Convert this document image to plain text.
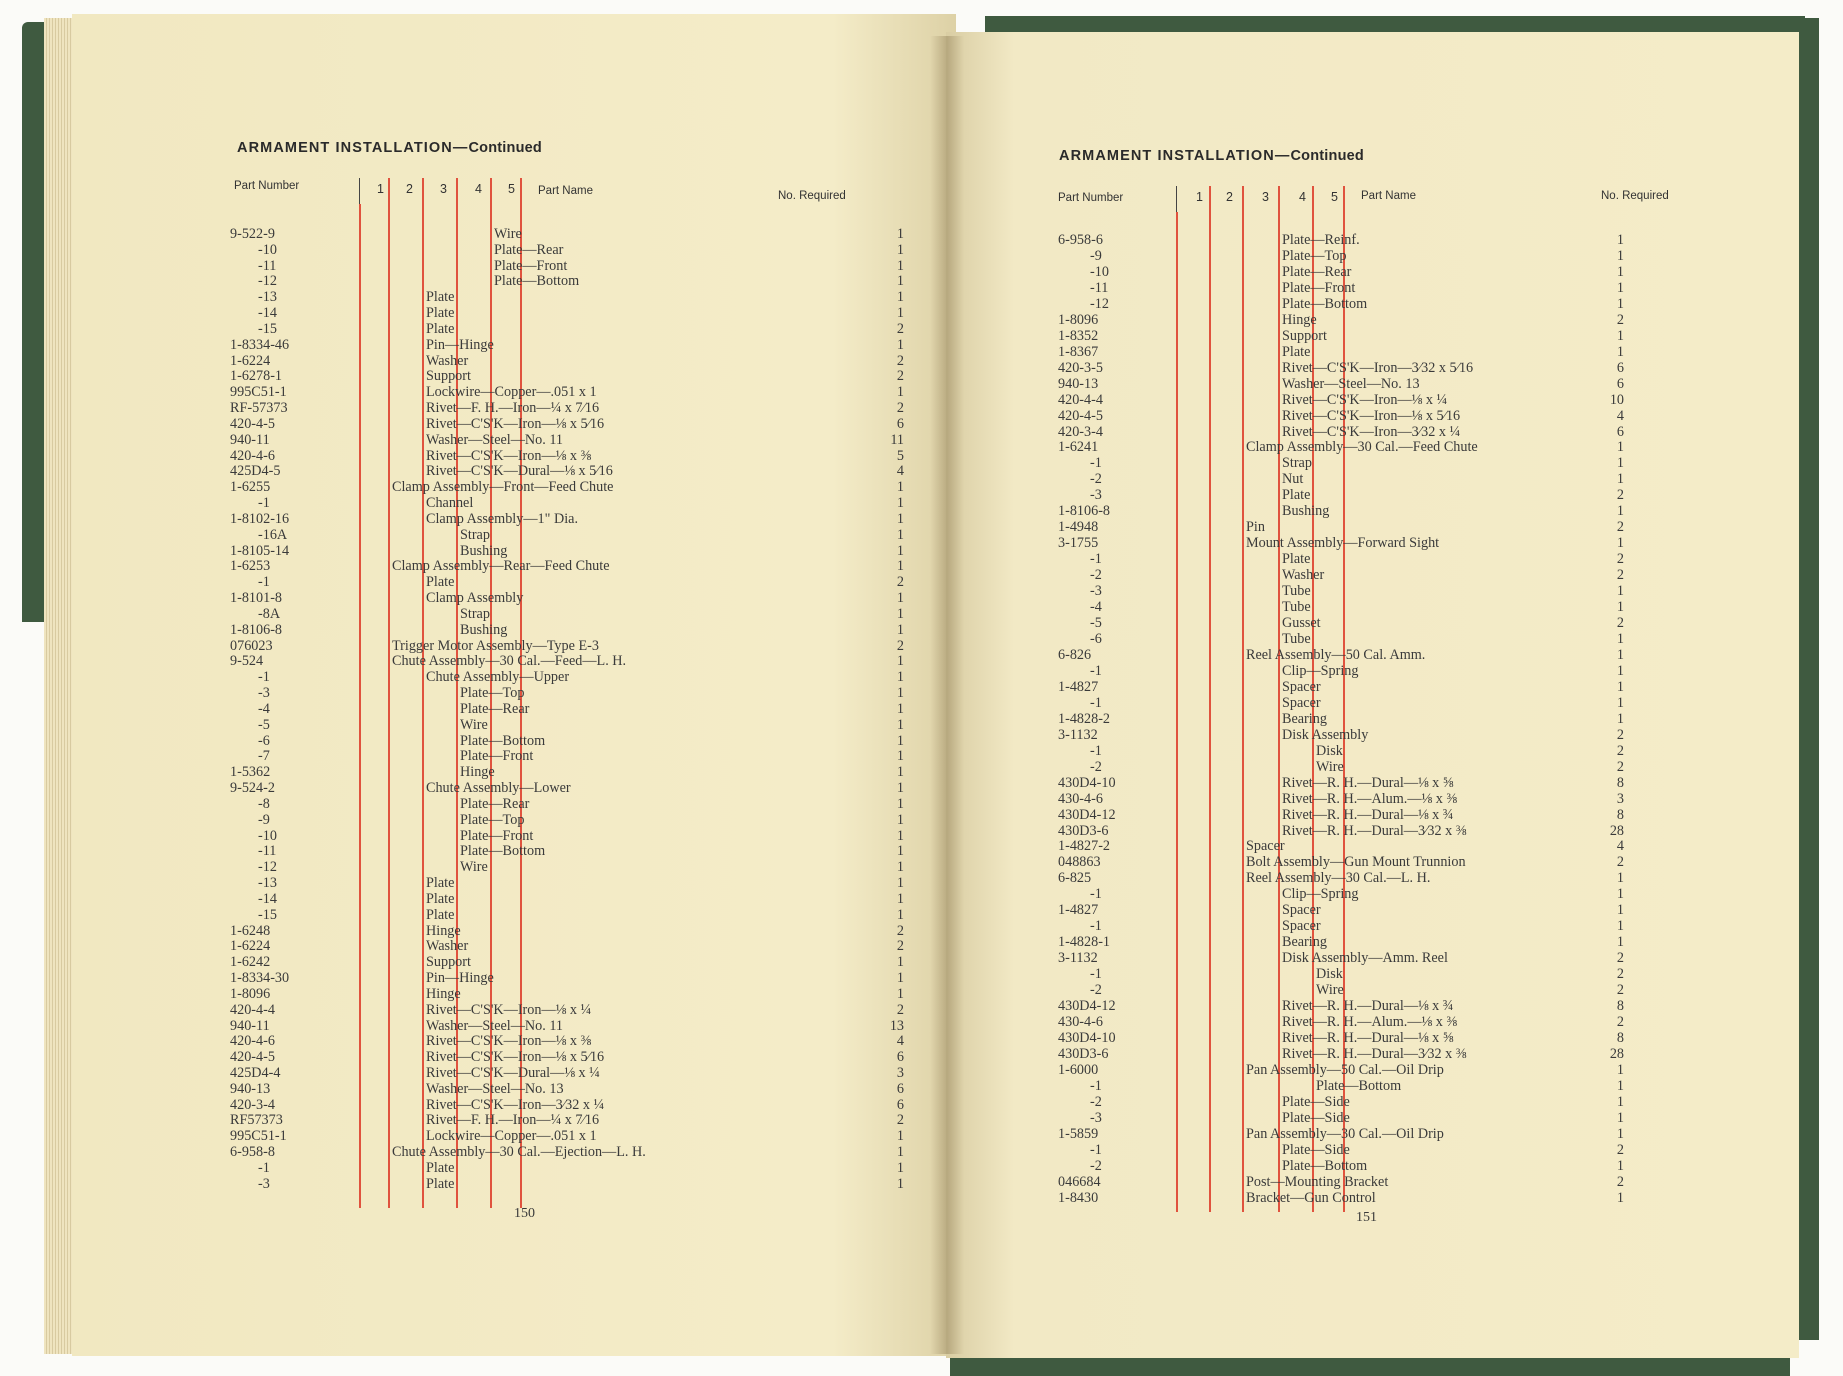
ARMAMENT INSTALLATION—Continued
Part Number	1 2 3 4 5 Part Name	No. Required
9-522-9	Wire	1
-10	Plate—Rear	1
-11	Plate—Front	1
-12	Plate—Bottom	1
-13	Plate	1
-14	Plate	1
-15	Plate	2
1-8334-46	Pin—Hinge	1
1-6224	Washer	2
1-6278-1	Support	2
995C51-1	Lockwire—Copper—.051 x 1	1
RF-57373	Rivet—F. H.—Iron—¼ x 7⁄16	2
420-4-5	Rivet—C'S'K—Iron—⅛ x 5⁄16	6
940-11	Washer—Steel—No. 11	11
420-4-6	Rivet—C'S'K—Iron—⅛ x ⅜	5
425D4-5	Rivet—C'S'K—Dural—⅛ x 5⁄16	4
1-6255	Clamp Assembly—Front—Feed Chute	1
-1	Channel	1
1-8102-16	Clamp Assembly—1" Dia.	1
-16A	Strap	1
1-8105-14	Bushing	1
1-6253	Clamp Assembly—Rear—Feed Chute	1
-1	Plate	2
1-8101-8	Clamp Assembly	1
-8A	Strap	1
1-8106-8	Bushing	1
076023	Trigger Motor Assembly—Type E-3	2
9-524	Chute Assembly—30 Cal.—Feed—L. H.	1
-1	Chute Assembly—Upper	1
-3	Plate—Top	1
-4	Plate—Rear	1
-5	Wire	1
-6	Plate—Bottom	1
-7	Plate—Front	1
1-5362	Hinge	1
9-524-2	Chute Assembly—Lower	1
-8	Plate—Rear	1
-9	Plate—Top	1
-10	Plate—Front	1
-11	Plate—Bottom	1
-12	Wire	1
-13	Plate	1
-14	Plate	1
-15	Plate	1
1-6248	Hinge	2
1-6224	Washer	2
1-6242	Support	1
1-8334-30	Pin—Hinge	1
1-8096	Hinge	1
420-4-4	Rivet—C'S'K—Iron—⅛ x ¼	2
940-11	Washer—Steel—No. 11	13
420-4-6	Rivet—C'S'K—Iron—⅛ x ⅜	4
420-4-5	Rivet—C'S'K—Iron—⅛ x 5⁄16	6
425D4-4	Rivet—C'S'K—Dural—⅛ x ¼	3
940-13	Washer—Steel—No. 13	6
420-3-4	Rivet—C'S'K—Iron—3⁄32 x ¼	6
RF57373	Rivet—F. H.—Iron—¼ x 7⁄16	2
995C51-1	Lockwire—Copper—.051 x 1	1
6-958-8	Chute Assembly—30 Cal.—Ejection—L. H.	1
-1	Plate	1
-3	Plate	1
150
ARMAMENT INSTALLATION—Continued
Part Number	1 2 3 4 5 Part Name	No. Required
6-958-6	Plate—Reinf.	1
-9	Plate—Top	1
-10	Plate—Rear	1
-11	Plate—Front	1
-12	Plate—Bottom	1
1-8096	Hinge	2
1-8352	Support	1
1-8367	Plate	1
420-3-5	Rivet—C'S'K—Iron—3⁄32 x 5⁄16	6
940-13	Washer—Steel—No. 13	6
420-4-4	Rivet—C'S'K—Iron—⅛ x ¼	10
420-4-5	Rivet—C'S'K—Iron—⅛ x 5⁄16	4
420-3-4	Rivet—C'S'K—Iron—3⁄32 x ¼	6
1-6241	Clamp Assembly—30 Cal.—Feed Chute	1
-1	Strap	1
-2	Nut	1
-3	Plate	2
1-8106-8	Bushing	1
1-4948	Pin	2
3-1755	Mount Assembly—Forward Sight	1
-1	Plate	2
-2	Washer	2
-3	Tube	1
-4	Tube	1
-5	Gusset	2
-6	Tube	1
6-826	Reel Assembly—50 Cal. Amm.	1
-1	Clip—Spring	1
1-4827	Spacer	1
-1	Spacer	1
1-4828-2	Bearing	1
3-1132	Disk Assembly	2
-1	Disk	2
-2	Wire	2
430D4-10	Rivet—R. H.—Dural—⅛ x ⅝	8
430-4-6	Rivet—R. H.—Alum.—⅛ x ⅜	3
430D4-12	Rivet—R. H.—Dural—⅛ x ¾	8
430D3-6	Rivet—R. H.—Dural—3⁄32 x ⅜	28
1-4827-2	Spacer	4
048863	Bolt Assembly—Gun Mount Trunnion	2
6-825	Reel Assembly—30 Cal.—L. H.	1
-1	Clip—Spring	1
1-4827	Spacer	1
-1	Spacer	1
1-4828-1	Bearing	1
3-1132	Disk Assembly—Amm. Reel	2
-1	Disk	2
-2	Wire	2
430D4-12	Rivet—R. H.—Dural—⅛ x ¾	8
430-4-6	Rivet—R. H.—Alum.—⅛ x ⅜	2
430D4-10	Rivet—R. H.—Dural—⅛ x ⅝	8
430D3-6	Rivet—R. H.—Dural—3⁄32 x ⅜	28
1-6000	Pan Assembly—50 Cal.—Oil Drip	1
-1	Plate—Bottom	1
-2	Plate—Side	1
-3	Plate—Side	1
1-5859	Pan Assembly—30 Cal.—Oil Drip	1
-1	Plate—Side	2
-2	Plate—Bottom	1
046684	Post—Mounting Bracket	2
1-8430	Bracket—Gun Control	1
151
